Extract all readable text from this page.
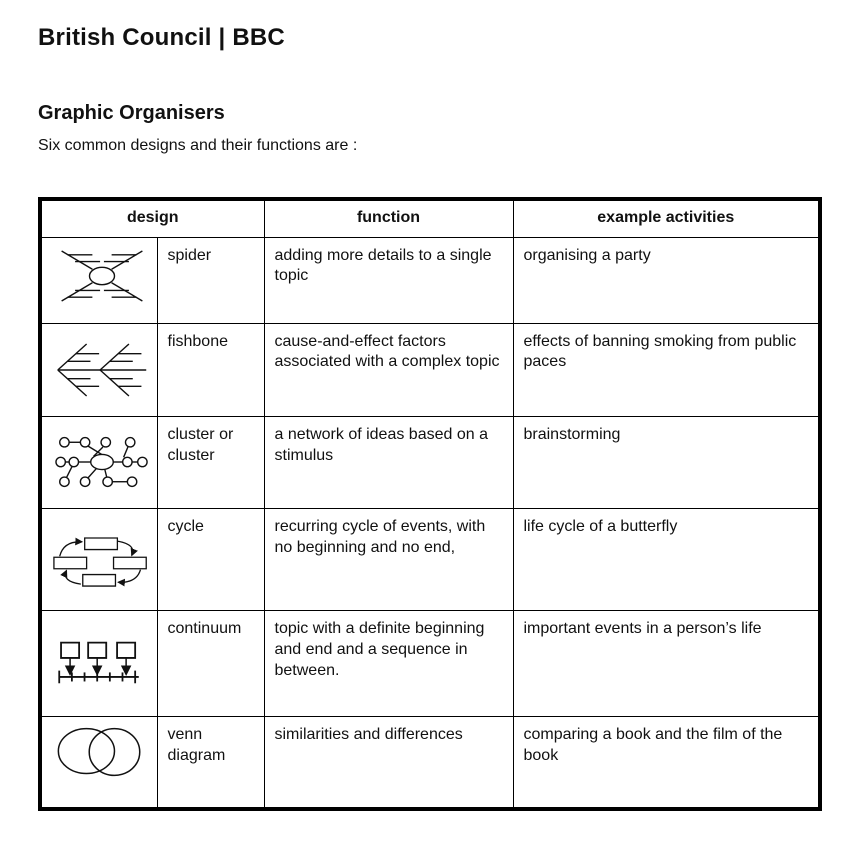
British Council | BBC
Graphic Organisers

Six common designs and their functions are :

design		function	example activities
	spider	adding more details to a single topic	organising a party
	fishbone	cause-and-effect factors associated with a complex topic	effects of banning smoking from public paces
	cluster or cluster	a network of ideas based on a stimulus	brainstorming
	cycle	recurring cycle of events, with no beginning and no end,	life cycle of a butterfly
	continuum	topic with a definite beginning and end and a sequence in between.	important events in a person’s life
	venn diagram	similarities and differences	comparing a book and the film of the book
